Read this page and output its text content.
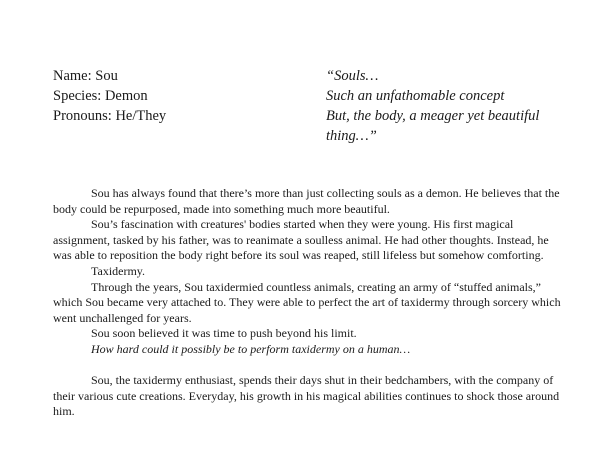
Name: Sou
Species: Demon
Pronouns: He/They
“Souls…
Such an unfathomable concept
But, the body, a meager yet beautiful thing…”

Sou has always found that there’s more than just collecting souls as a demon. He believes that the body could be repurposed, made into something much more beautiful.

Sou’s fascination with creatures' bodies started when they were young. His first magical assignment, tasked by his father, was to reanimate a soulless animal. He had other thoughts. Instead, he was able to reposition the body right before its soul was reaped, still lifeless but somehow comforting.

Taxidermy.

Through the years, Sou taxidermied countless animals, creating an army of “stuffed animals,” which Sou became very attached to. They were able to perfect the art of taxidermy through sorcery which went unchallenged for years.

Sou soon believed it was time to push beyond his limit.

How hard could it possibly be to perform taxidermy on a human…

Sou, the taxidermy enthusiast, spends their days shut in their bedchambers, with the company of their various cute creations. Everyday, his growth in his magical abilities continues to shock those around him.
